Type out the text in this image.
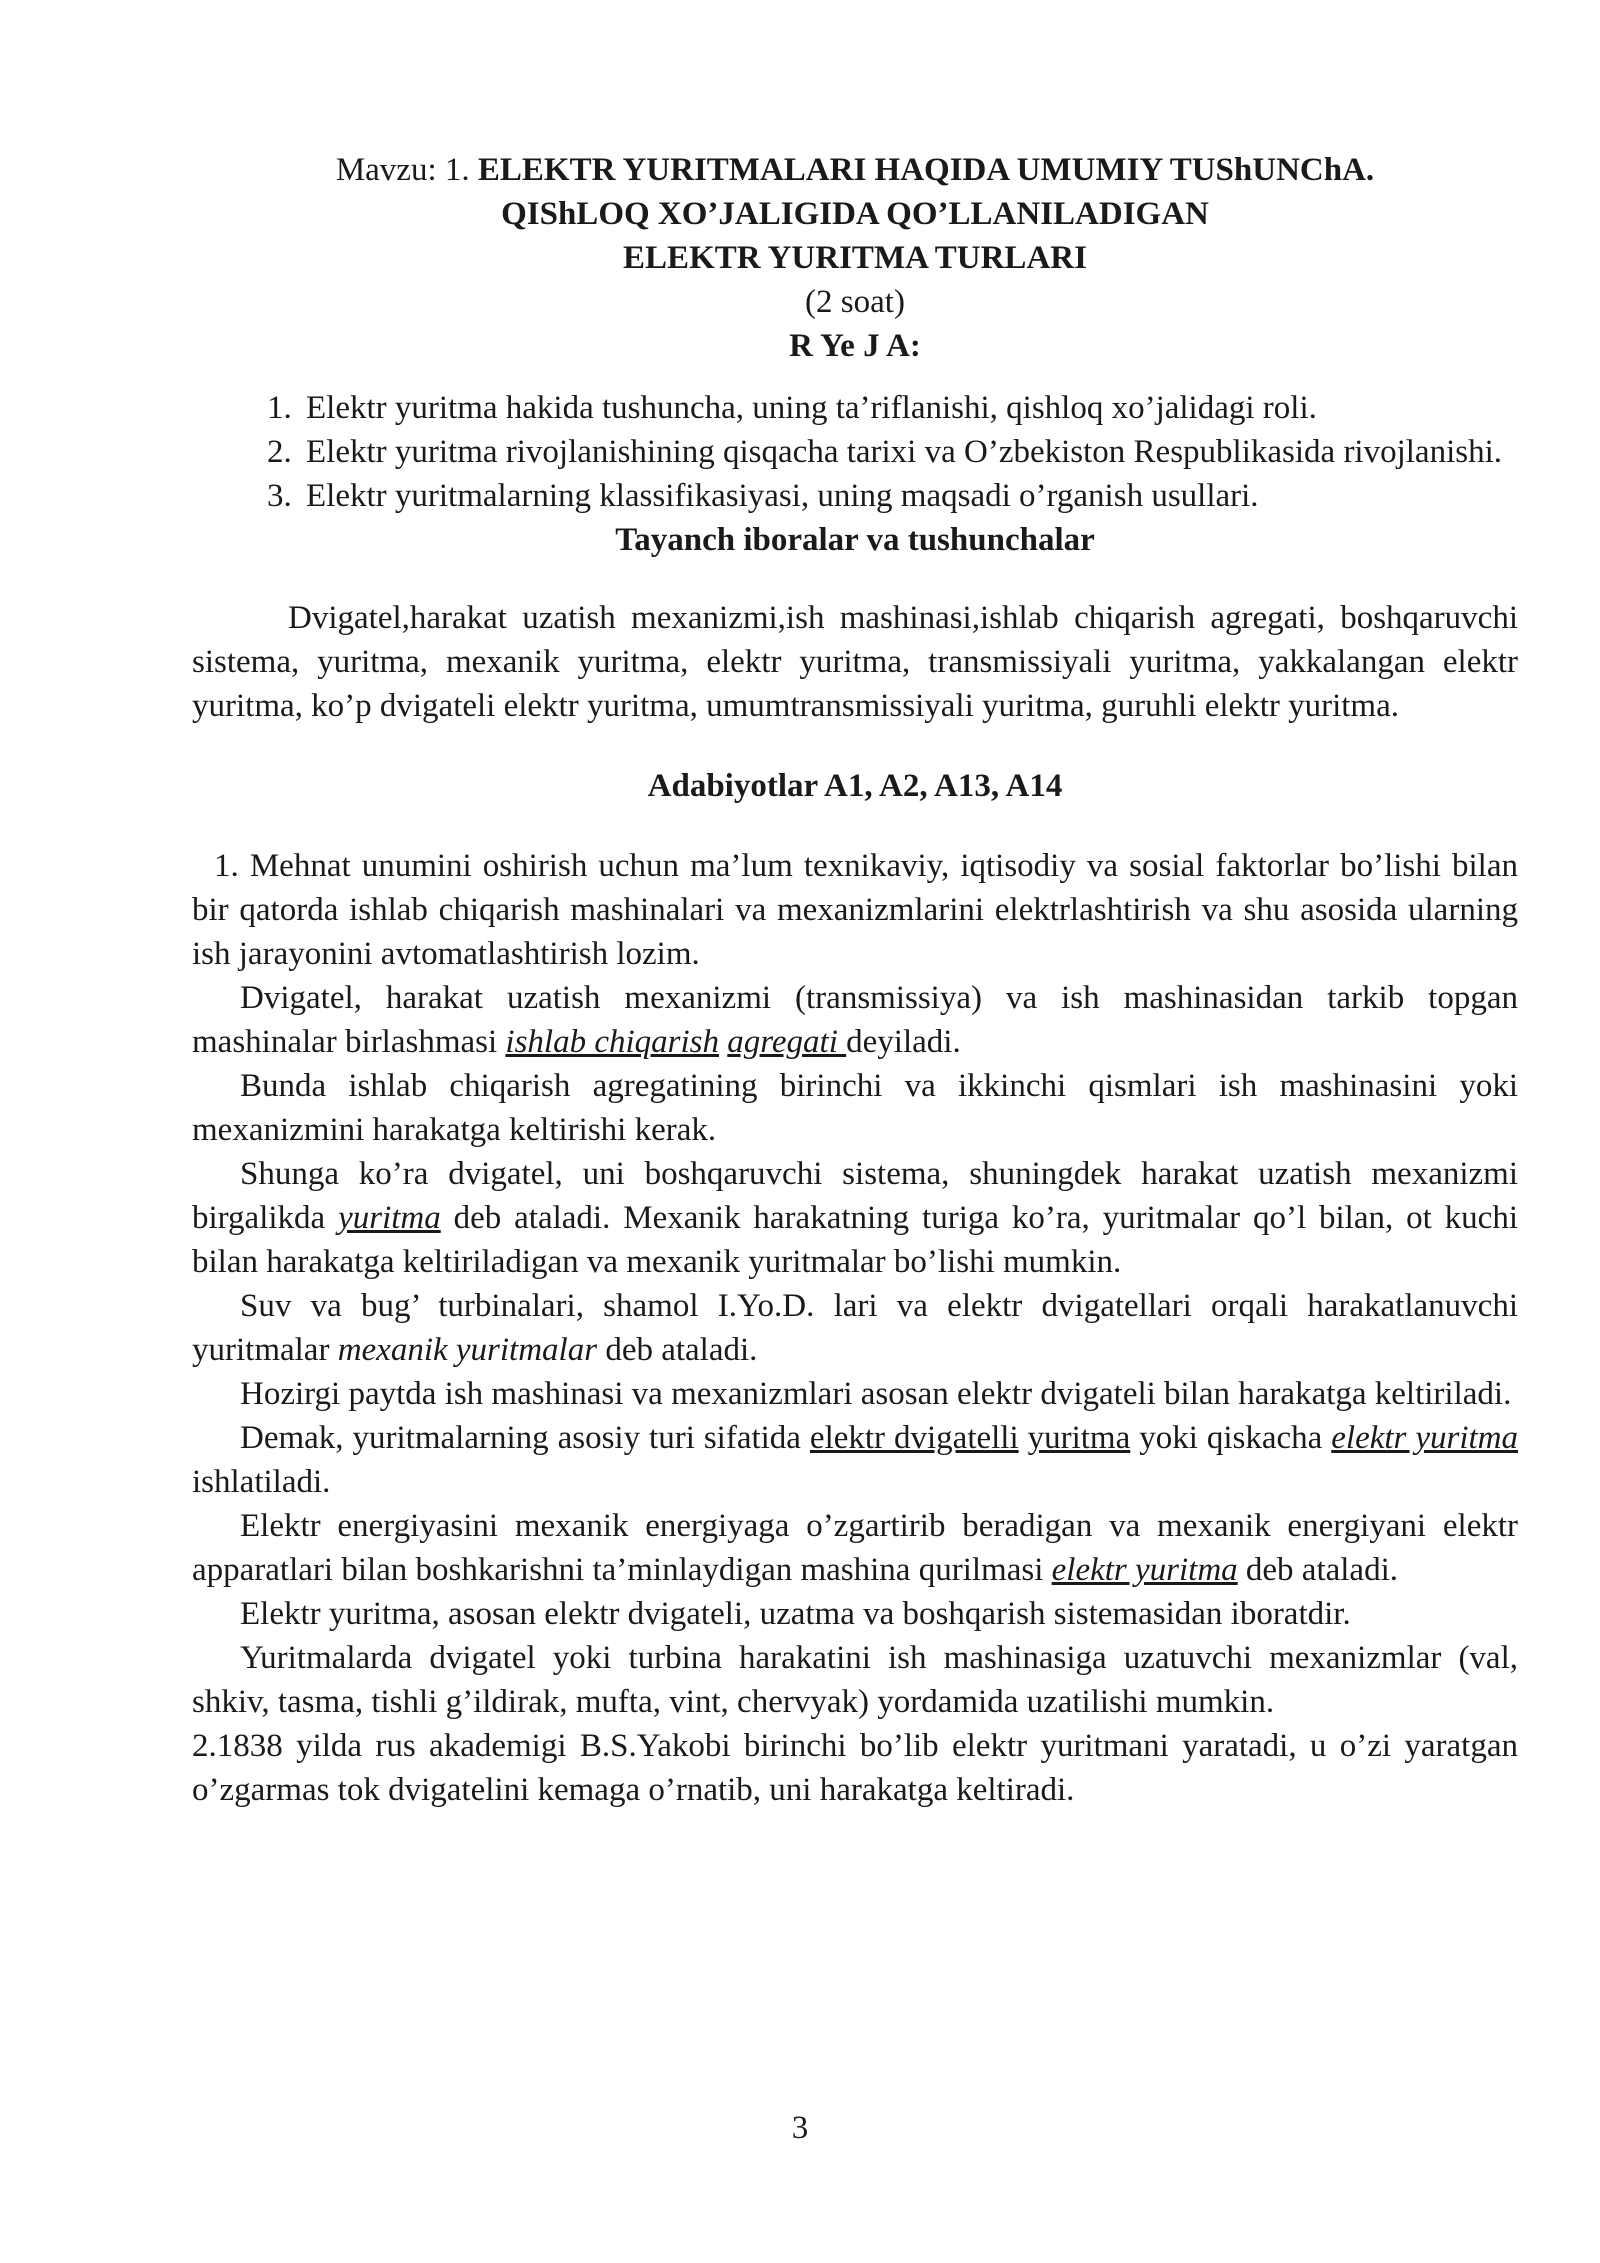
Mavzu: 1. ELEKTR YURITMALARI HAQIDA UMUMIY TUShUNChA.
QIShLOQ XO’JALIGIDA QO’LLANILADIGAN
ELEKTR YURITMA TURLARI
(2 soat)
R Ye J A:
1. Elektr yuritma hakida tushuncha, uning ta’riflanishi, qishloq xo’jalidagi roli.
2. Elektr yuritma rivojlanishining qisqacha tarixi va O’zbekiston Respublikasida rivojlanishi.
3. Elektr yuritmalarning klassifikasiyasi, uning maqsadi o’rganish usullari.
Tayanch iboralar va tushunchalar

Dvigatel,harakat uzatish mexanizmi,ish mashinasi,ishlab chiqarish agregati, boshqaruvchi sistema, yuritma, mexanik yuritma, elektr yuritma, transmissiyali yuritma, yakkalangan elektr yuritma, ko’p dvigateli elektr yuritma, umumtransmissiyali yuritma, guruhli elektr yuritma.

Adabiyotlar A1, A2, A13, A14

1. Mehnat unumini oshirish uchun ma’lum texnikaviy, iqtisodiy va sosial faktorlar bo’lishi bilan bir qatorda ishlab chiqarish mashinalari va mexanizmlarini elektrlashtirish va shu asosida ularning ish jarayonini avtomatlashtirish lozim.

Dvigatel, harakat uzatish mexanizmi (transmissiya) va ish mashinasidan tarkib topgan mashinalar birlashmasi ishlab chiqarish agregati deyiladi.

Bunda ishlab chiqarish agregatining birinchi va ikkinchi qismlari ish mashinasini yoki mexanizmini harakatga keltirishi kerak.

Shunga ko’ra dvigatel, uni boshqaruvchi sistema, shuningdek harakat uzatish mexanizmi birgalikda yuritma deb ataladi. Mexanik harakatning turiga ko’ra, yuritmalar qo’l bilan, ot kuchi bilan harakatga keltiriladigan va mexanik yuritmalar bo’lishi mumkin.

Suv va bug’ turbinalari, shamol I.Yo.D. lari va elektr dvigatellari orqali harakatlanuvchi yuritmalar mexanik yuritmalar deb ataladi.

Hozirgi paytda ish mashinasi va mexanizmlari asosan elektr dvigateli bilan harakatga keltiriladi.

Demak, yuritmalarning asosiy turi sifatida elektr dvigatelli yuritma yoki qiskacha elektr yuritma ishlatiladi.

Elektr energiyasini mexanik energiyaga o’zgartirib beradigan va mexanik energiyani elektr apparatlari bilan boshkarishni ta’minlaydigan mashina qurilmasi elektr yuritma deb ataladi.

Elektr yuritma, asosan elektr dvigateli, uzatma va boshqarish sistemasidan iboratdir.

Yuritmalarda dvigatel yoki turbina harakatini ish mashinasiga uzatuvchi mexanizmlar (val, shkiv, tasma, tishli g’ildirak, mufta, vint, chervyak) yordamida uzatilishi mumkin.

2.1838 yilda rus akademigi B.S.Yakobi birinchi bo’lib elektr yuritmani yaratadi, u o’zi yaratgan o’zgarmas tok dvigatelini kemaga o’rnatib, uni harakatga keltiradi.

3
